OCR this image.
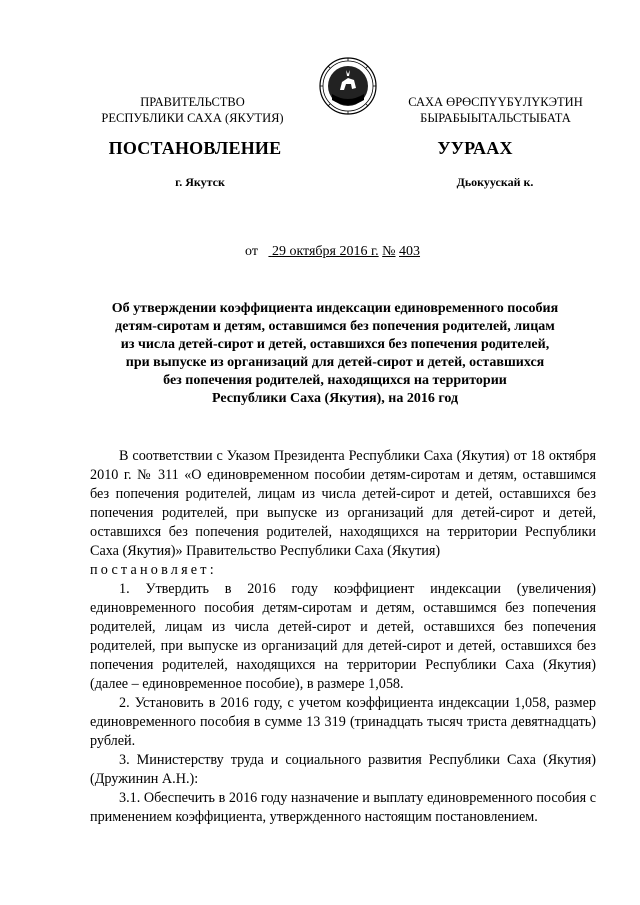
ПРАВИТЕЛЬСТВО
РЕСПУБЛИКИ САХА (ЯКУТИЯ)
САХА ӨРӨСПҮҮБҮЛҮКЭТИН
БЫРАБЫЫТАЛЬСТЫБАТА
ПОСТАНОВЛЕНИЕ	УУРААХ
г. Якутск	Дьокуускай к.
от 29 октября 2016 г. № 403
Об утверждении коэффициента индексации единовременного пособия
детям-сиротам и детям, оставшимся без попечения родителей, лицам
из числа детей-сирот и детей, оставшихся без попечения родителей,
при выпуске из организаций для детей-сирот и детей, оставшихся
без попечения родителей, находящихся на территории
Республики Саха (Якутия), на 2016 год

В соответствии с Указом Президента Республики Саха (Якутия) от 18 октября 2010 г. № 311 «О единовременном пособии детям-сиротам и детям, оставшимся без попечения родителей, лицам из числа детей-сирот и детей, оставшихся без попечения родителей, при выпуске из организаций для детей-сирот и детей, оставшихся без попечения родителей, находящихся на территории Республики Саха (Якутия)» Правительство Республики Саха (Якутия)

постановляет:

1. Утвердить в 2016 году коэффициент индексации (увеличения) единовременного пособия детям-сиротам и детям, оставшимся без попечения родителей, лицам из числа детей-сирот и детей, оставшихся без попечения родителей, при выпуске из организаций для детей-сирот и детей, оставшихся без попечения родителей, находящихся на территории Республики Саха (Якутия) (далее – единовременное пособие), в размере 1,058.

2. Установить в 2016 году, с учетом коэффициента индексации 1,058, размер единовременного пособия в сумме 13 319 (тринадцать тысяч триста девятнадцать) рублей.

3. Министерству труда и социального развития Республики Саха (Якутия) (Дружинин А.Н.):

3.1. Обеспечить в 2016 году назначение и выплату единовременного пособия с применением коэффициента, утвержденного настоящим постановлением.
